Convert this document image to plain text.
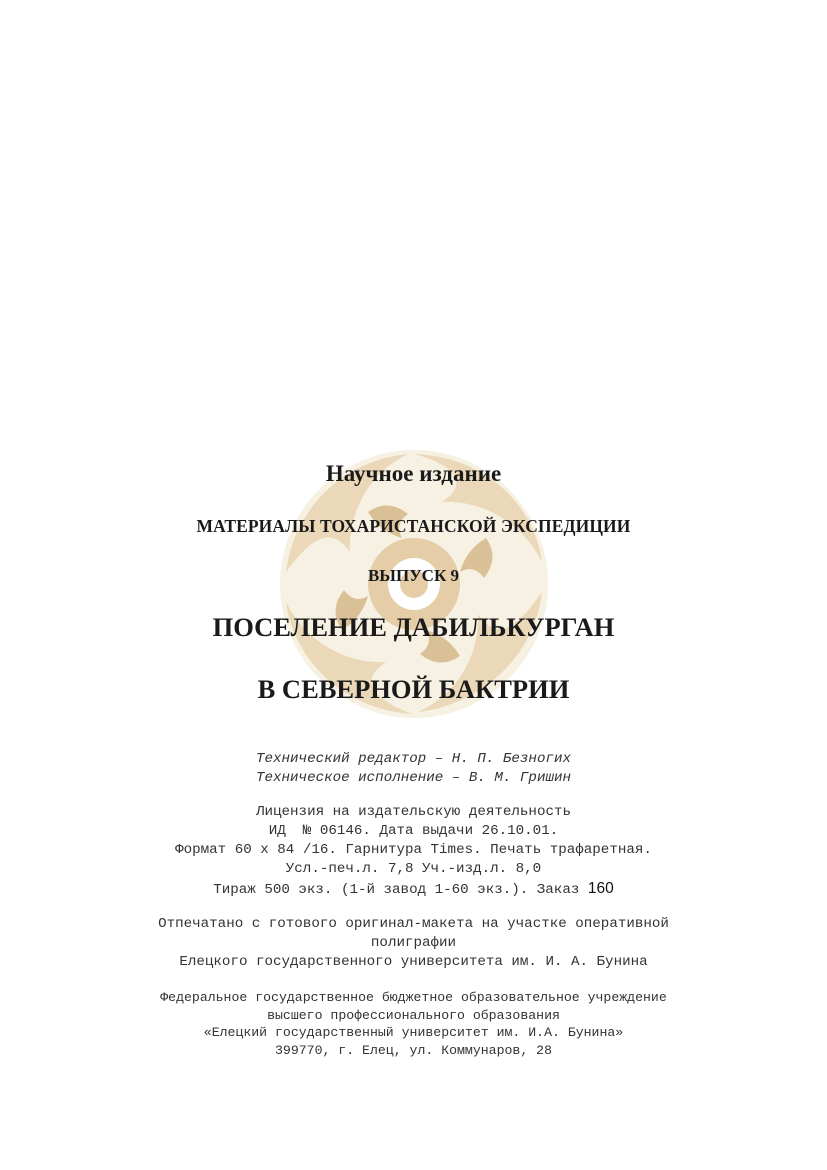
Научное издание
МАТЕРИАЛЫ ТОХАРИСТАНСКОЙ ЭКСПЕДИЦИИ
ВЫПУСК 9
ПОСЕЛЕНИЕ ДАБИЛЬКУРГАН
В СЕВЕРНОЙ БАКТРИИ
Технический редактор – Н. П. Безногих
Техническое исполнение – В. М. Гришин
Лицензия на издательскую деятельность
ИД  № 06146. Дата выдачи 26.10.01.
Формат 60 x 84 /16. Гарнитура Times. Печать трафаретная.
Усл.-печ.л. 7,8 Уч.-изд.л. 8,0
Тираж 500 экз. (1-й завод 1-60 экз.). Заказ 160
Отпечатано с готового оригинал-макета на участке оперативной
полиграфии
Елецкого государственного университета им. И. А. Бунина
Федеральное государственное бюджетное образовательное учреждение
высшего профессионального образования
«Елецкий государственный университет им. И.А. Бунина»
399770, г. Елец, ул. Коммунаров, 28
